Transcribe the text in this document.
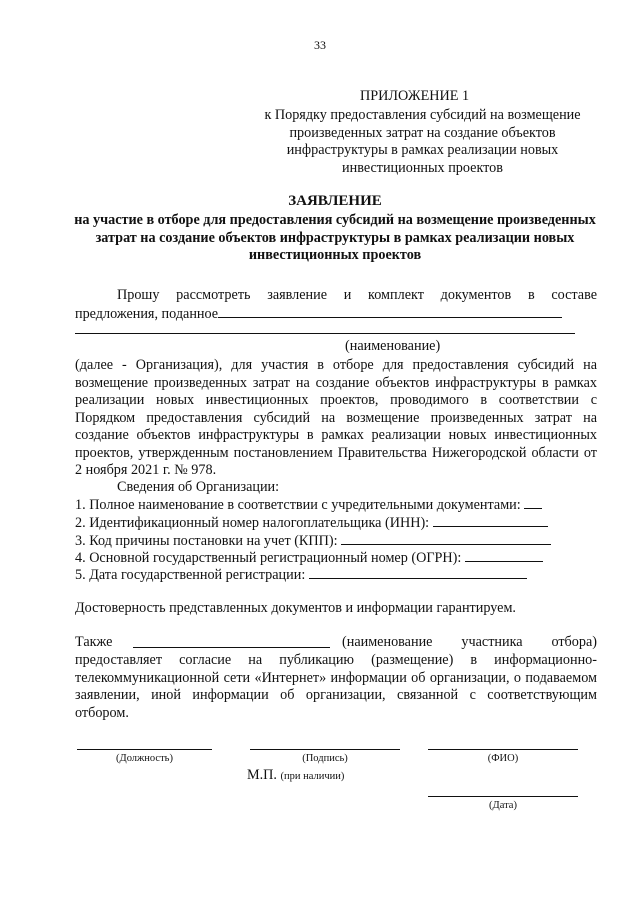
33
ПРИЛОЖЕНИЕ 1
к Порядку предоставления субсидий на возмещение произведенных затрат на создание объектов инфраструктуры в рамках реализации новых инвестиционных проектов
ЗАЯВЛЕНИЕ
на участие в отборе для предоставления субсидий на возмещение произведенных затрат на создание объектов инфраструктуры в рамках реализации новых инвестиционных проектов
Прошу рассмотреть заявление и комплект документов в составе
предложения, поданное
(наименование)
(далее - Организация), для участия в отборе для предоставления субсидий на возмещение произведенных затрат на создание объектов инфраструктуры в рамках реализации новых инвестиционных проектов, проводимого в соответствии с Порядком предоставления субсидий на возмещение произведенных затрат на создание объектов инфраструктуры в рамках реализации новых инвестиционных проектов, утвержденным постановлением Правительства Нижегородской области от 2 ноября 2021 г. № 978.
Сведения об Организации:
1. Полное наименование в соответствии с учредительными документами:
2. Идентификационный номер налогоплательщика (ИНН):
3. Код причины постановки на учет (КПП):
4. Основной государственный регистрационный номер (ОГРН):
5. Дата государственной регистрации:
Достоверность представленных документов и информации гарантируем.
Также	(наименование участника отбора)
предоставляет согласие на публикацию (размещение) в информационно-телекоммуникационной сети «Интернет» информации об организации, о подаваемом заявлении, иной информации об организации, связанной с соответствующим отбором.
(Должность)	(Подпись)	(ФИО)
М.П. (при наличии)
(Дата)
